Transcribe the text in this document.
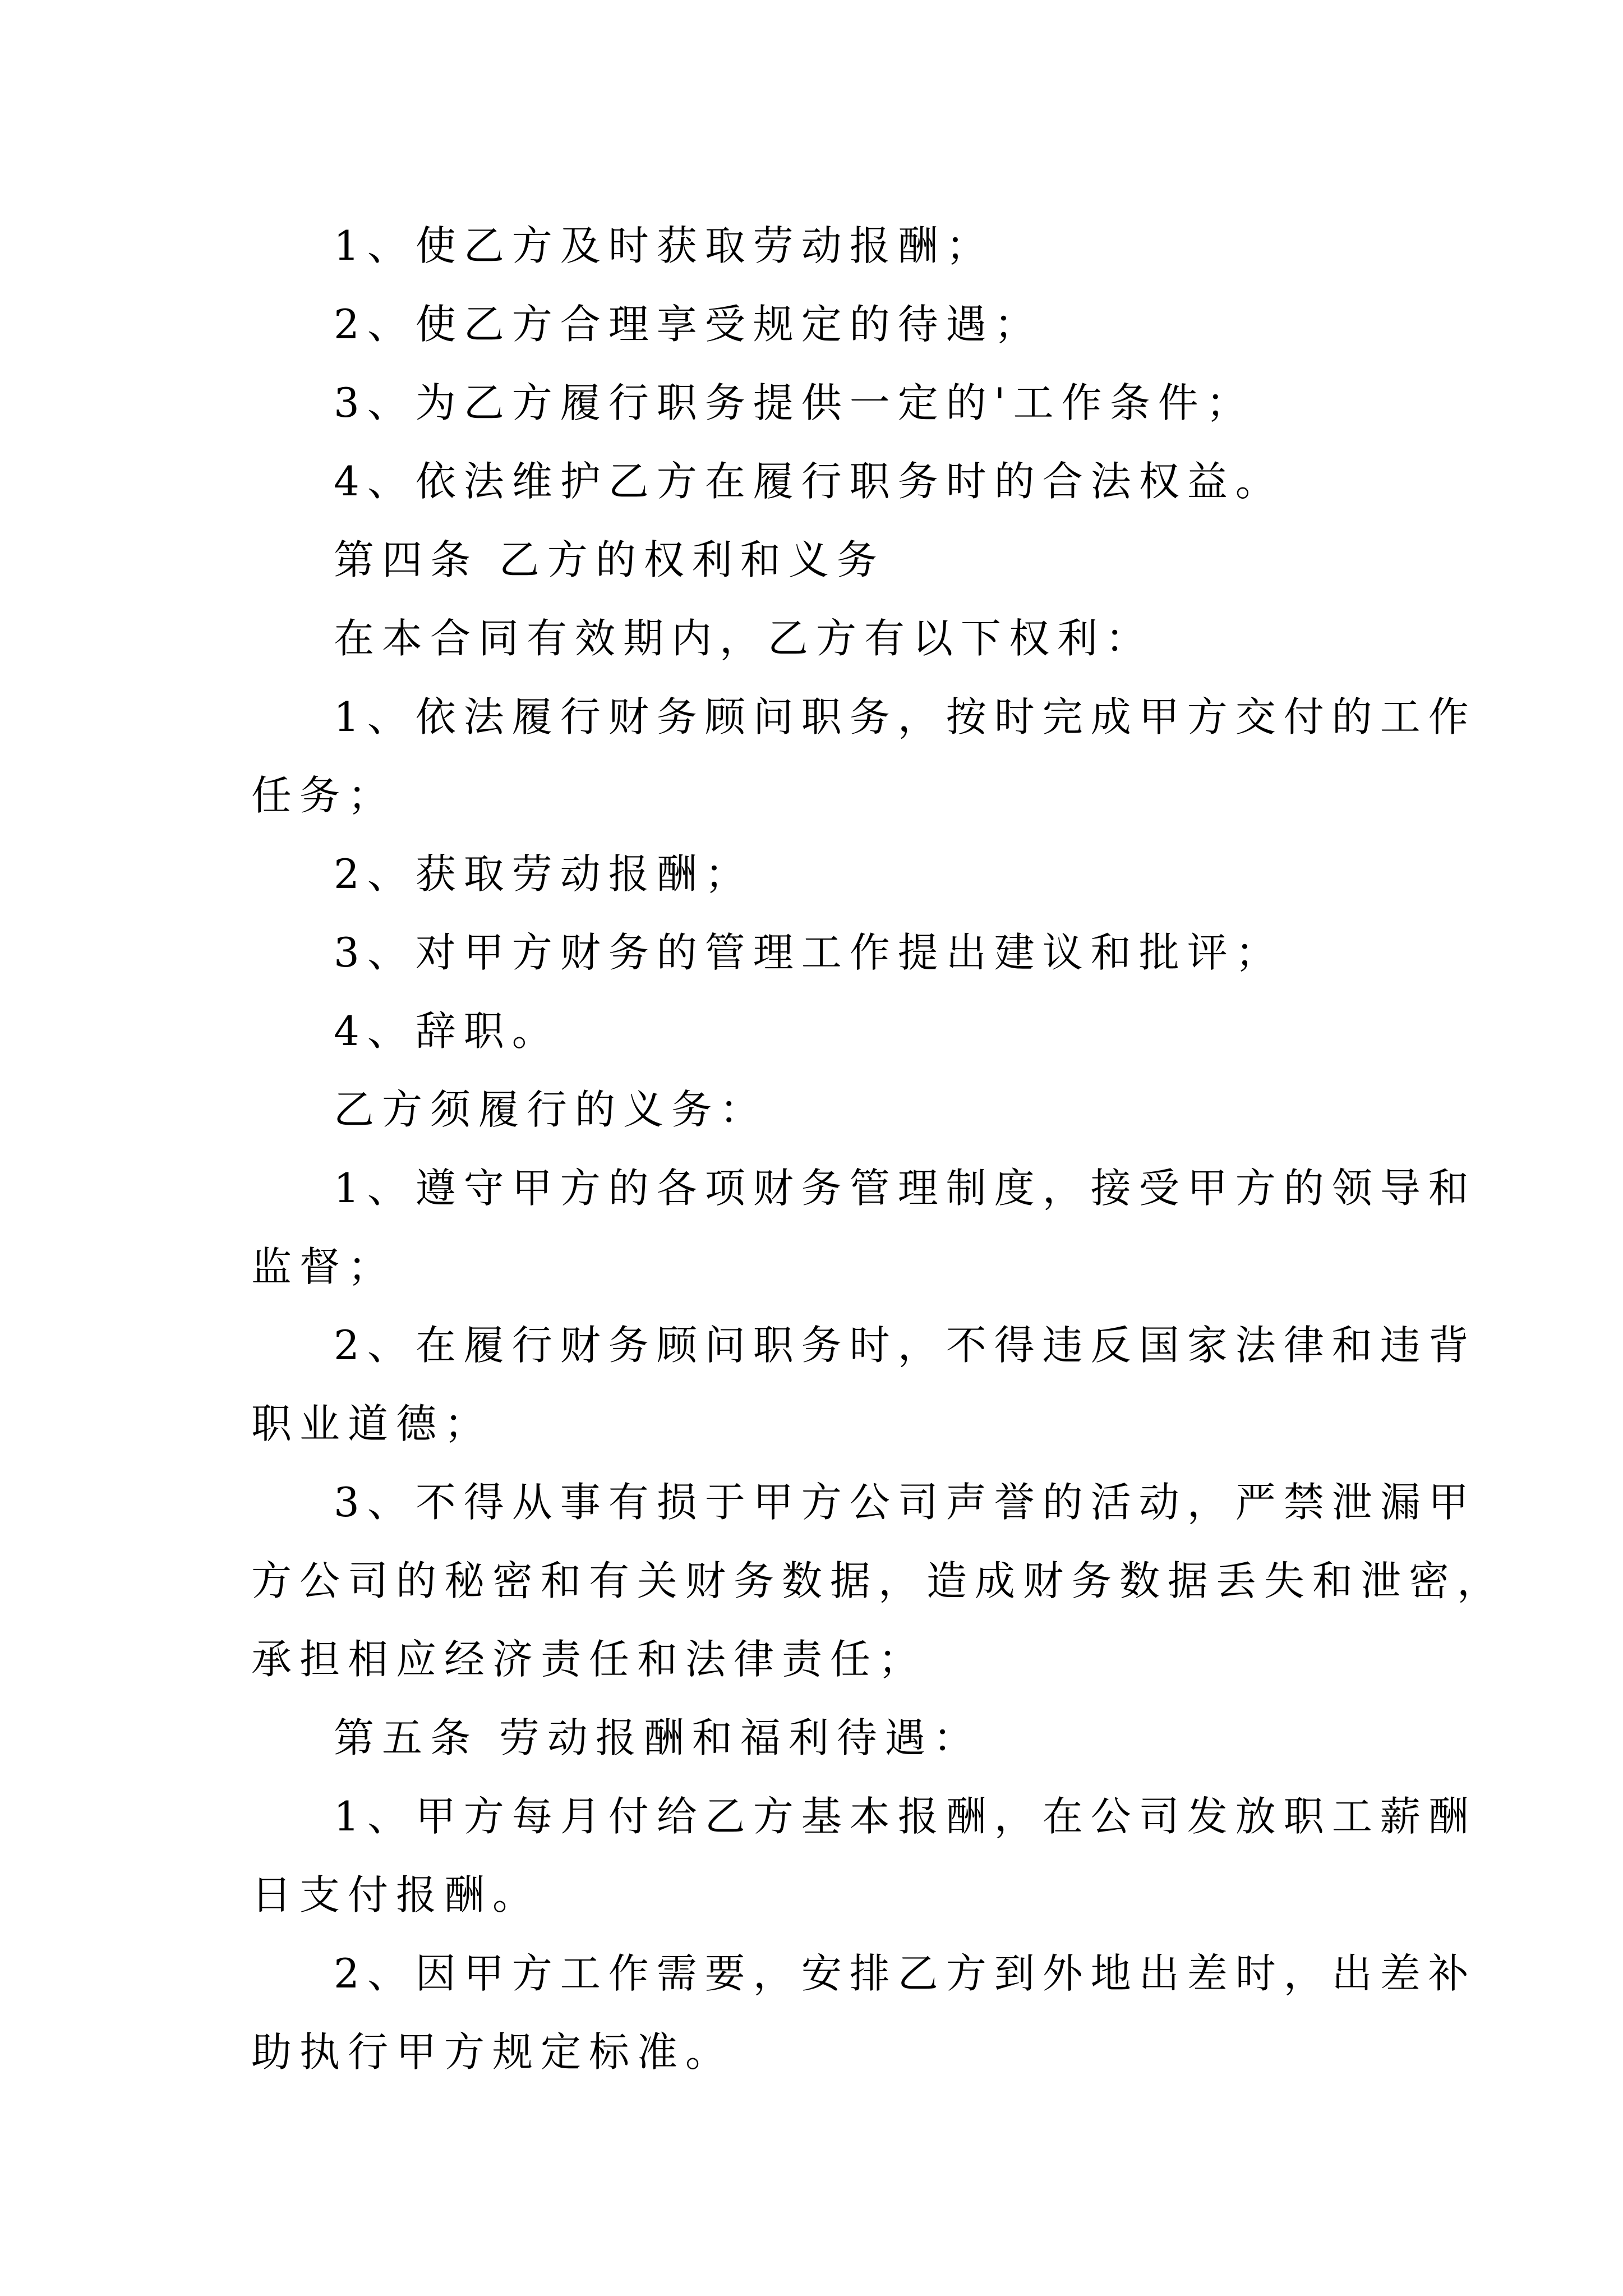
1、使乙方及时获取劳动报酬；
2、使乙方合理享受规定的待遇；
3、为乙方履行职务提供一定的'工作条件；
4、依法维护乙方在履行职务时的合法权益。
第四条 乙方的权利和义务
在本合同有效期内，乙方有以下权利：
1、依法履行财务顾问职务，按时完成甲方交付的工作
任务；
2、获取劳动报酬；
3、对甲方财务的管理工作提出建议和批评；
4、辞职。
乙方须履行的义务：
1、遵守甲方的各项财务管理制度，接受甲方的领导和
监督；
2、在履行财务顾问职务时，不得违反国家法律和违背
职业道德；
3、不得从事有损于甲方公司声誉的活动，严禁泄漏甲
方公司的秘密和有关财务数据，造成财务数据丢失和泄密，
承担相应经济责任和法律责任；
第五条 劳动报酬和福利待遇：
1、甲方每月付给乙方基本报酬，在公司发放职工薪酬
日支付报酬。
2、因甲方工作需要，安排乙方到外地出差时，出差补
助执行甲方规定标准。
